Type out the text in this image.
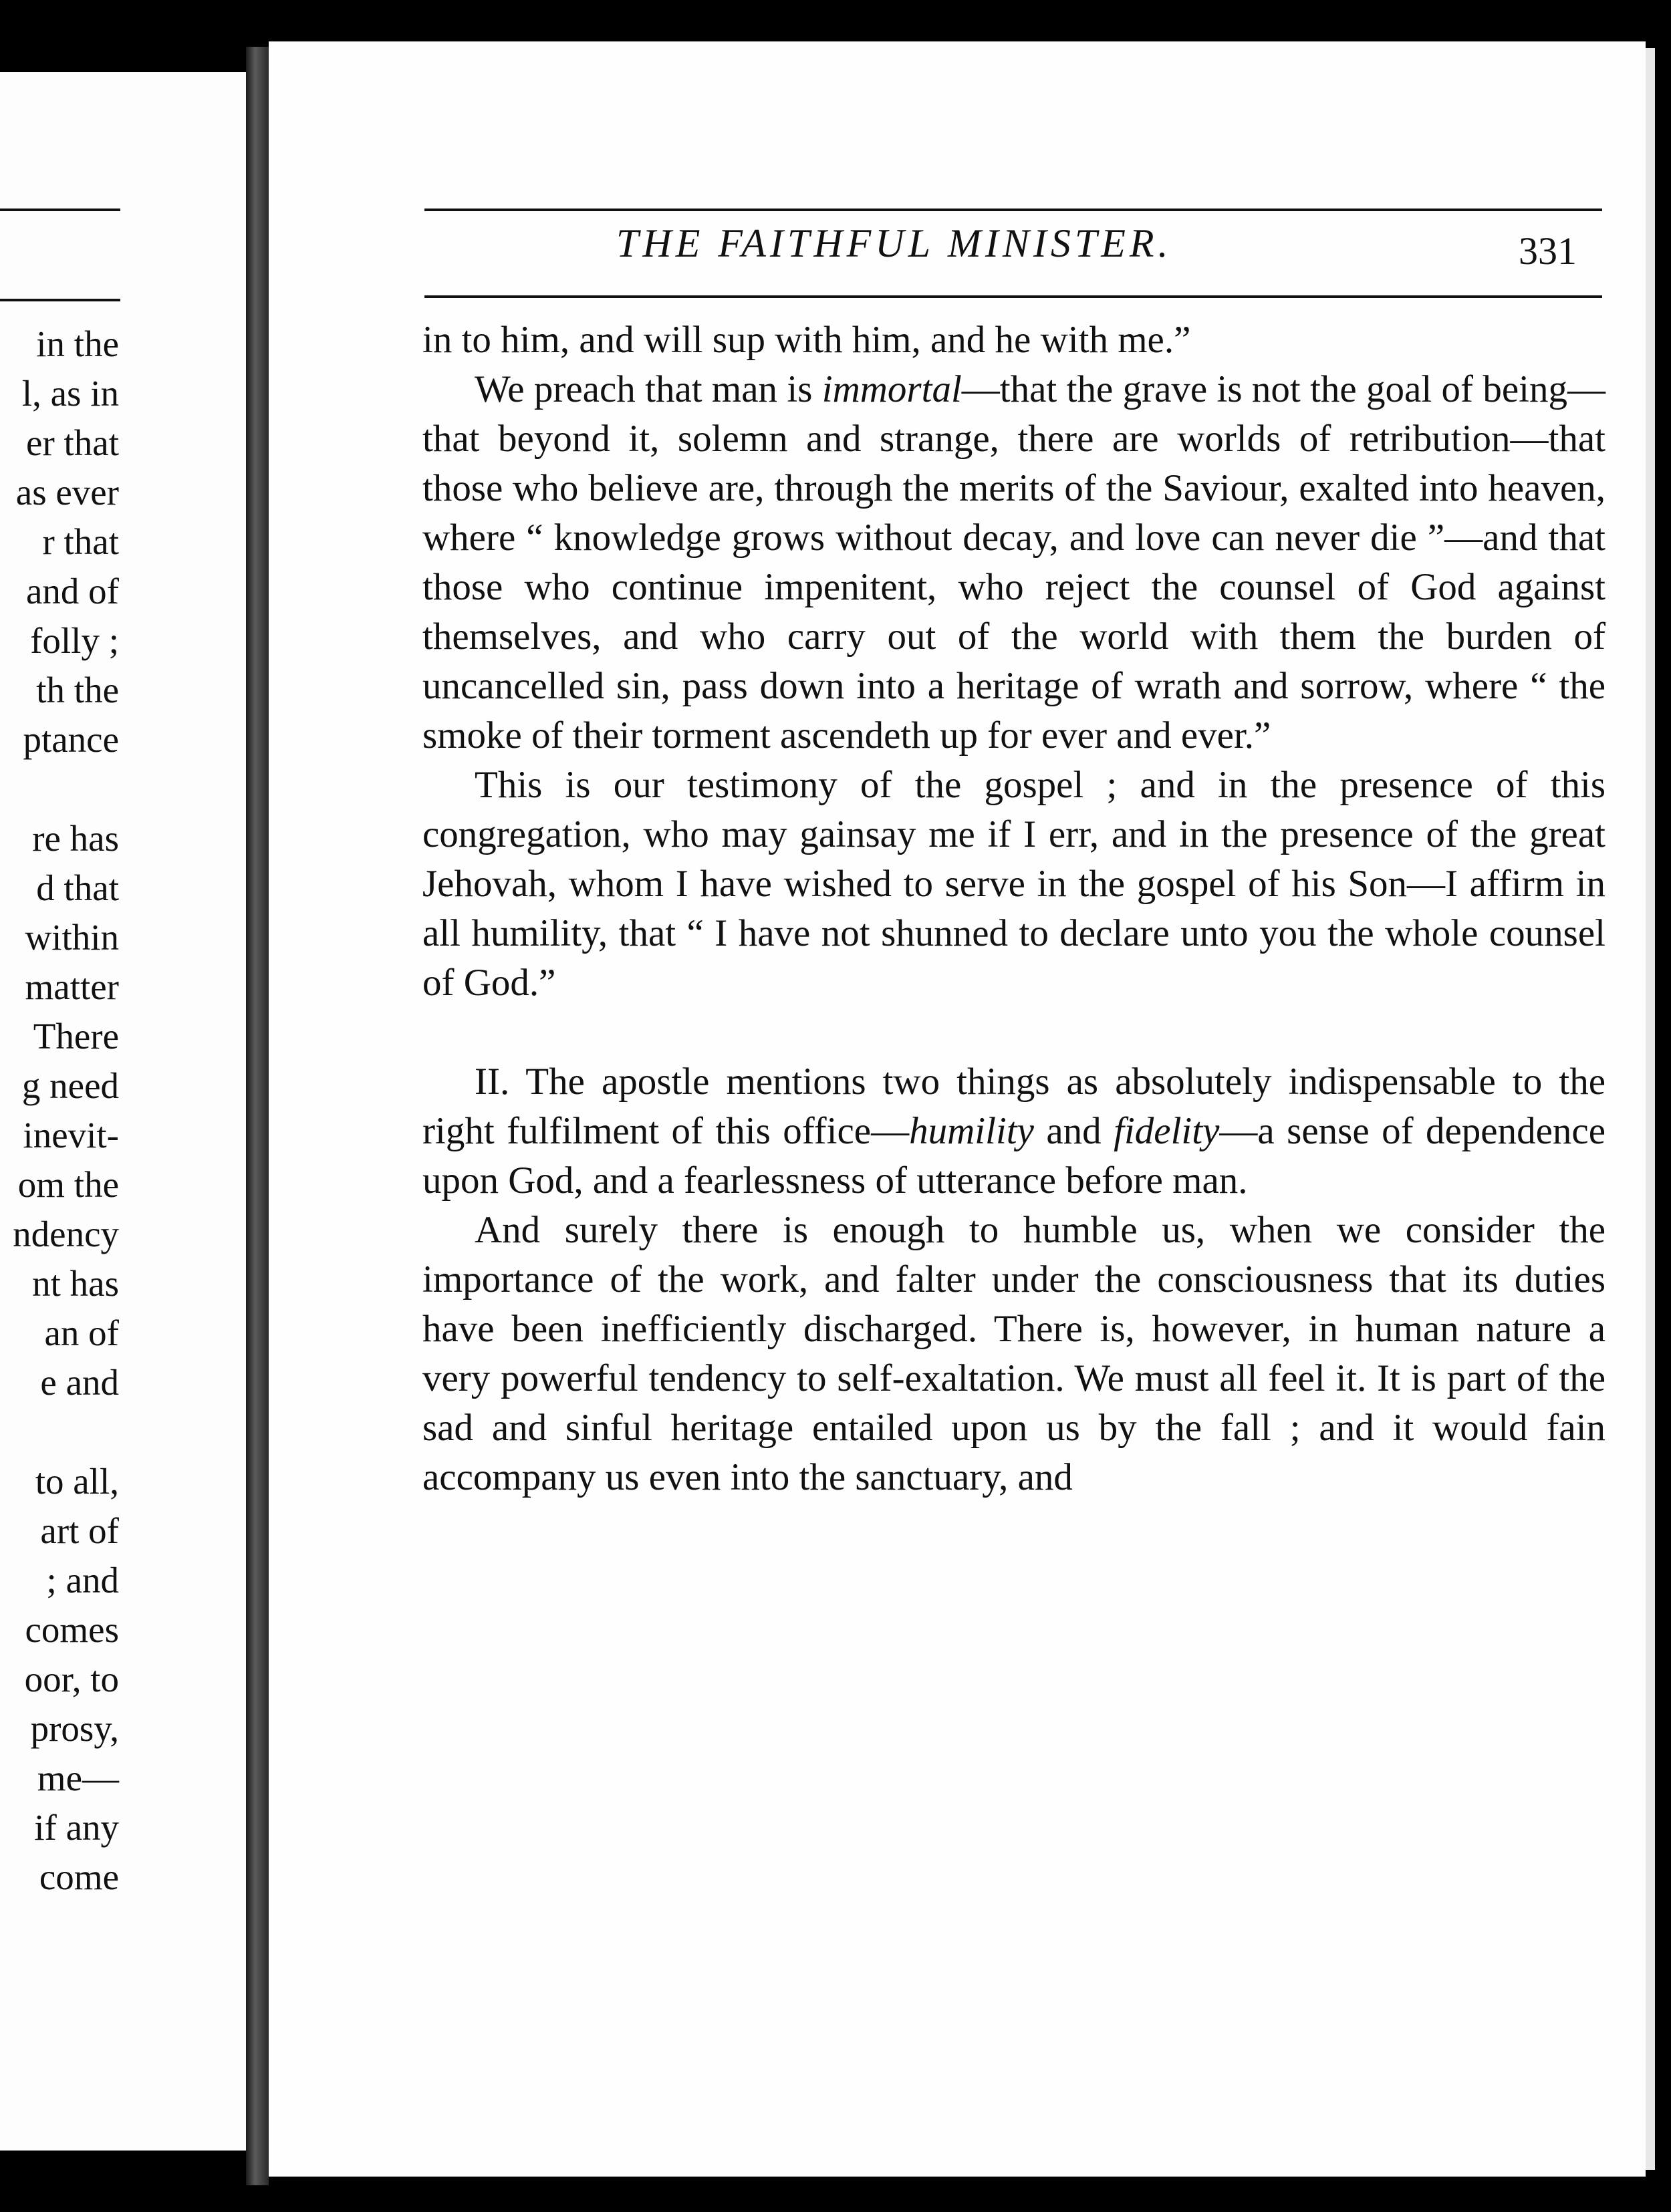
in the
l, as in
er that
as ever
r that
and of
folly ;
th the
ptance
re has
d that
within
matter
There
g need
inevit-
om the
ndency
nt has
an of
e and
to all,
art of
; and
comes
oor, to
prosy,
me—
if any
come
THE FAITHFUL MINISTER.	331

in to him, and will sup with him, and he with me.”

We preach that man is immortal—that the grave is not the goal of being—that beyond it, solemn and strange, there are worlds of retribution—that those who believe are, through the merits of the Saviour, exalted into heaven, where “ knowledge grows without decay, and love can never die ”—and that those who continue impenitent, who reject the counsel of God against themselves, and who carry out of the world with them the burden of uncancelled sin, pass down into a heritage of wrath and sorrow, where “ the smoke of their torment ascendeth up for ever and ever.”

This is our testimony of the gospel ; and in the presence of this congregation, who may gainsay me if I err, and in the presence of the great Jehovah, whom I have wished to serve in the gospel of his Son—I affirm in all humility, that “ I have not shunned to declare unto you the whole counsel of God.”

II. The apostle mentions two things as absolutely indispensable to the right fulfilment of this office—humility and fidelity—a sense of dependence upon God, and a fearlessness of utterance before man.

And surely there is enough to humble us, when we consider the importance of the work, and falter under the consciousness that its duties have been inefficiently discharged. There is, however, in human nature a very powerful tendency to self-exaltation. We must all feel it. It is part of the sad and sinful heritage entailed upon us by the fall ; and it would fain accompany us even into the sanctuary, and
